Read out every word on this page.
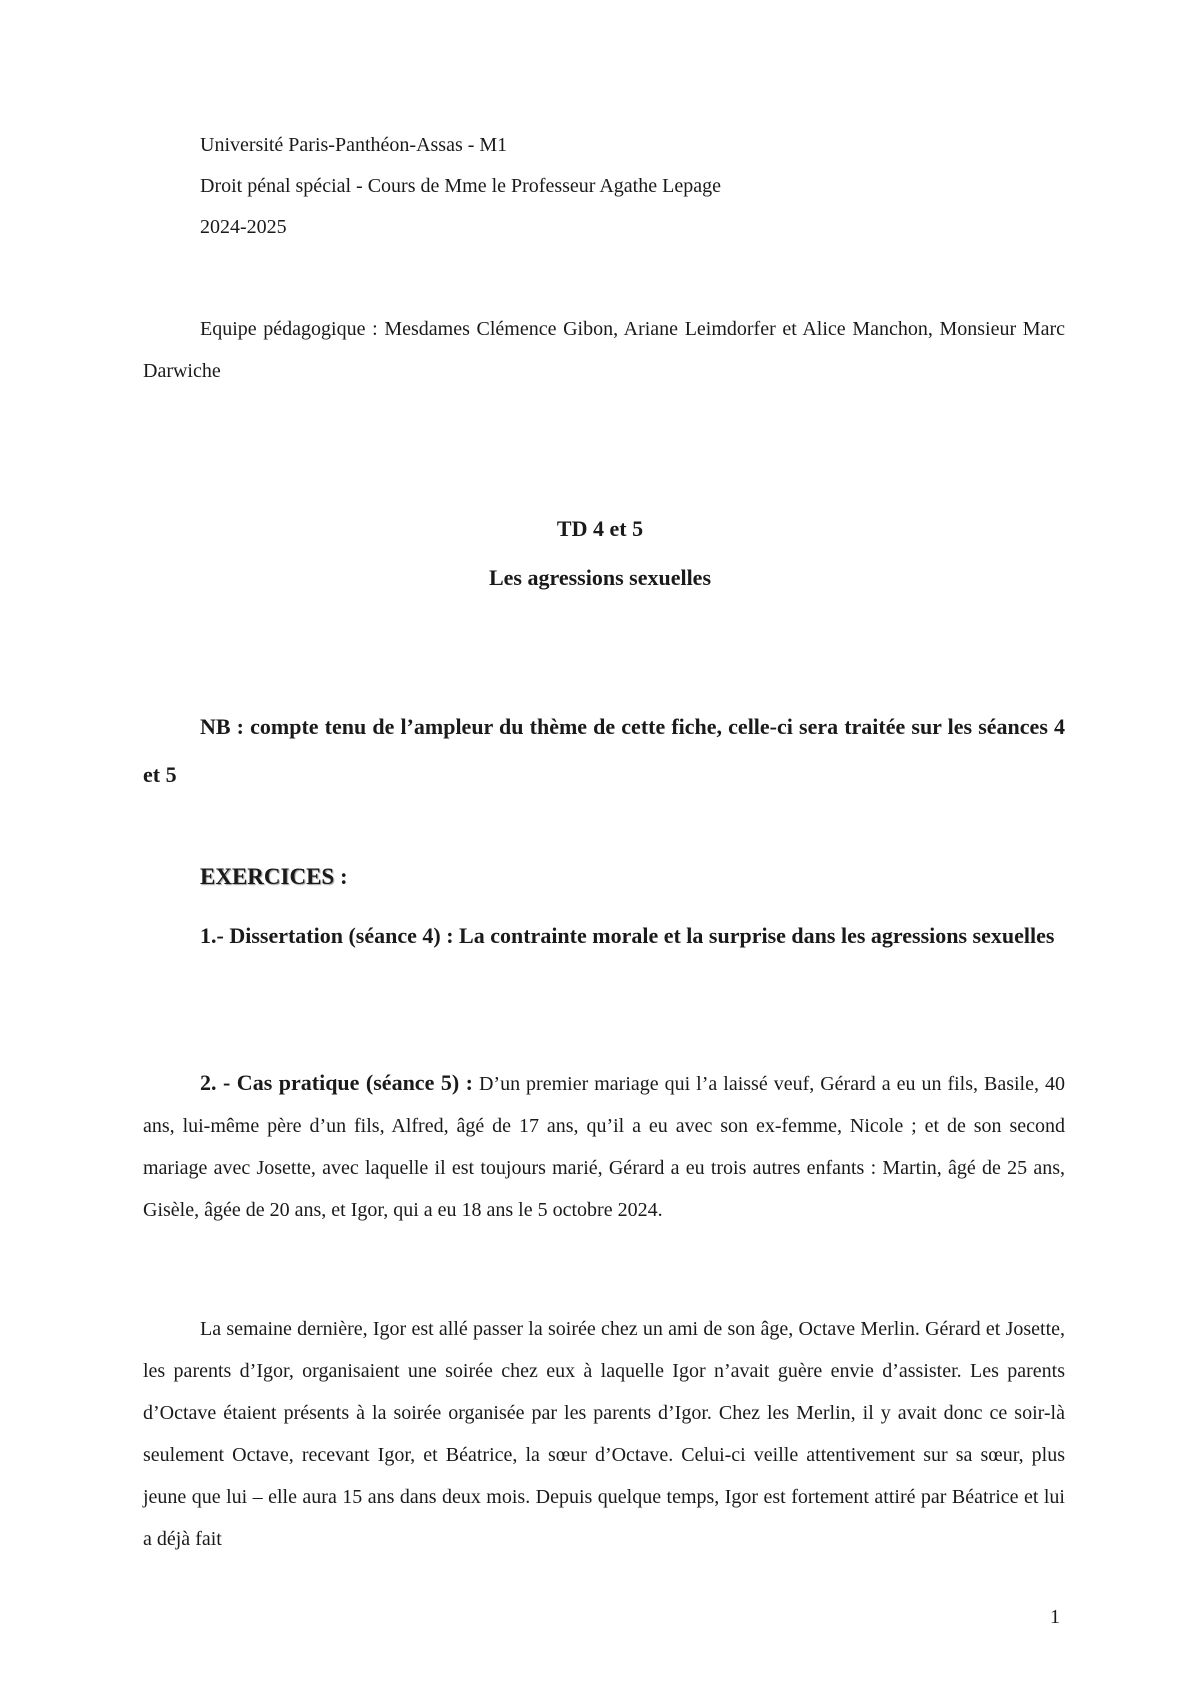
Université Paris-Panthéon-Assas - M1
Droit pénal spécial - Cours de Mme le Professeur Agathe Lepage
2024-2025
Equipe pédagogique : Mesdames Clémence Gibon, Ariane Leimdorfer et Alice Manchon, Monsieur Marc Darwiche
TD 4 et 5
Les agressions sexuelles
NB : compte tenu de l’ampleur du thème de cette fiche, celle-ci sera traitée sur les séances 4 et 5
EXERCICES :
1.- Dissertation (séance 4) : La contrainte morale et la surprise dans les agressions sexuelles
2. - Cas pratique (séance 5) : D’un premier mariage qui l’a laissé veuf, Gérard a eu un fils, Basile, 40 ans, lui-même père d’un fils, Alfred, âgé de 17 ans, qu’il a eu avec son ex-femme, Nicole ; et de son second mariage avec Josette, avec laquelle il est toujours marié, Gérard a eu trois autres enfants : Martin, âgé de 25 ans, Gisèle, âgée de 20 ans, et Igor, qui a eu 18 ans le 5 octobre 2024.
La semaine dernière, Igor est allé passer la soirée chez un ami de son âge, Octave Merlin. Gérard et Josette, les parents d’Igor, organisaient une soirée chez eux à laquelle Igor n’avait guère envie d’assister. Les parents d’Octave étaient présents à la soirée organisée par les parents d’Igor. Chez les Merlin, il y avait donc ce soir-là seulement Octave, recevant Igor, et Béatrice, la sœur d’Octave. Celui-ci veille attentivement sur sa sœur, plus jeune que lui – elle aura 15 ans dans deux mois. Depuis quelque temps, Igor est fortement attiré par Béatrice et lui a déjà fait
1
